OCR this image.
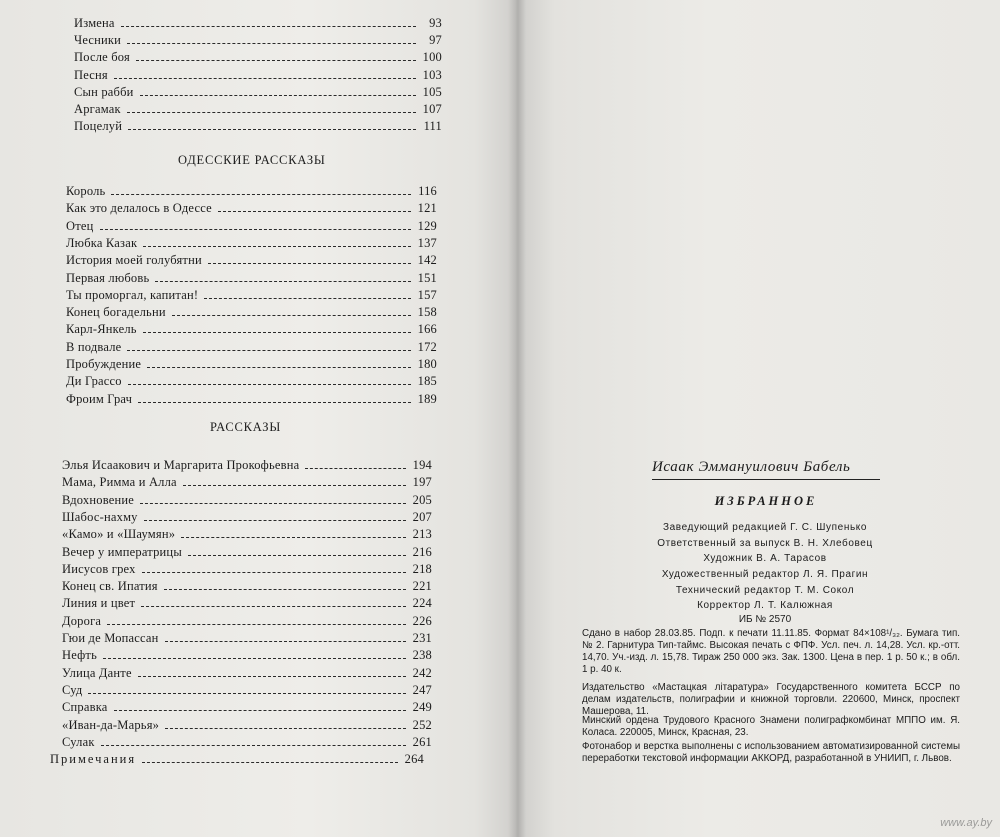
Измена	93
Чесники	97
После боя	100
Песня	103
Сын рабби	105
Аргамак	107
Поцелуй	111
ОДЕССКИЕ РАССКАЗЫ
Король	116
Как это делалось в Одессе	121
Отец	129
Любка Казак	137
История моей голубятни	142
Первая любовь	151
Ты проморгал, капитан!	157
Конец богадельни	158
Карл-Янкель	166
В подвале	172
Пробуждение	180
Ди Грассо	185
Фроим Грач	189
РАССКАЗЫ
Элья Исаакович и Маргарита Прокофьевна	194
Мама, Римма и Алла	197
Вдохновение	205
Шабос-нахму	207
«Камо» и «Шаумян»	213
Вечер у императрицы	216
Иисусов грех	218
Конец св. Ипатия	221
Линия и цвет	224
Дорога	226
Гюи де Мопассан	231
Нефть	238
Улица Данте	242
Суд	247
Справка	249
«Иван-да-Марья»	252
Сулак	261
Примечания	264
Исаак Эммануилович Бабель
ИЗБРАННОЕ
Заведующий редакцией Г. С. Шупенько
Ответственный за выпуск В. Н. Хлебовец
Художник В. А. Тарасов
Художественный редактор Л. Я. Прагин
Технический редактор Т. М. Сокол
Корректор Л. Т. Калюжная
ИБ № 2570
Сдано в набор 28.03.85. Подп. к печати 11.11.85. Формат 84×108¹/₃₂. Бумага тип. № 2. Гарнитура Тип-таймс. Высокая печать с ФПФ. Усл. печ. л. 14,28. Усл. кр.-отт. 14,70. Уч.-изд. л. 15,78. Тираж 250 000 экз. Зак. 1300. Цена в пер. 1 р. 50 к.; в обл. 1 р. 40 к.
Издательство «Мастацкая літаратура» Государственного комитета БССР по делам издательств, полиграфии и книжной торговли. 220600, Минск, проспект Машерова, 11.
Минский ордена Трудового Красного Знамени полиграфкомбинат МППО им. Я. Коласа. 220005, Минск, Красная, 23.
Фотонабор и верстка выполнены с использованием автоматизированной системы переработки текстовой информации АККОРД, разработанной в УНИИП, г. Львов.
www.ay.by
